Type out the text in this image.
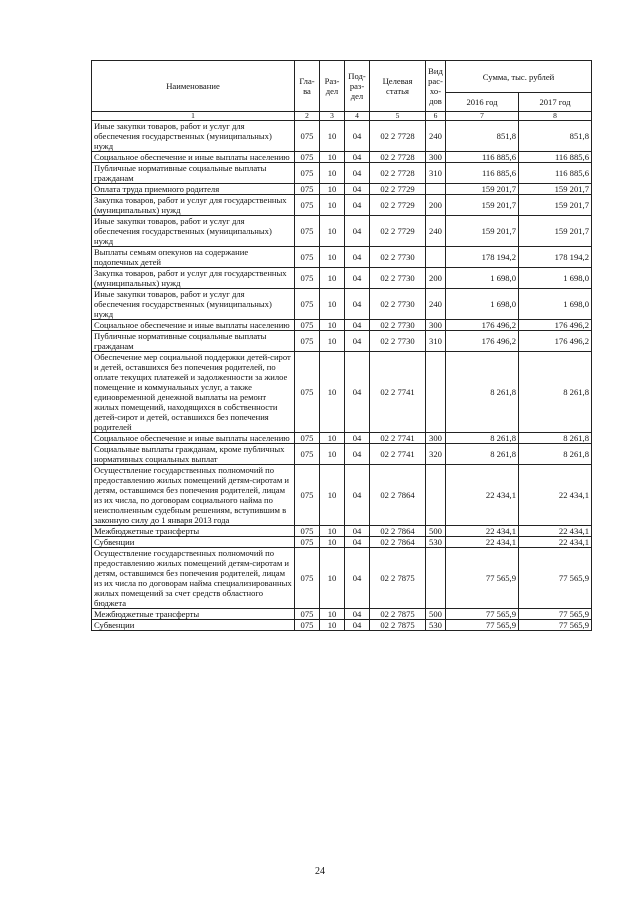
Наименование	Гла-ва	Раз-дел	Под-раз-дел	Целевая статья	Вид рас-хо-дов	Сумма, тыс. рублей	
						2016 год	2017 год
1	2	3	4	5	6	7	8
Иные закупки товаров, работ и услуг для обеспечения государственных (муниципальных) нужд	075	10	04	02 2 7728	240	851,8	851,8
Социальное обеспечение и иные выплаты населению	075	10	04	02 2 7728	300	116 885,6	116 885,6
Публичные нормативные социальные выплаты гражданам	075	10	04	02 2 7728	310	116 885,6	116 885,6
Оплата труда приемного родителя	075	10	04	02 2 7729		159 201,7	159 201,7
Закупка товаров, работ и услуг для государственных (муниципальных) нужд	075	10	04	02 2 7729	200	159 201,7	159 201,7
Иные закупки товаров, работ и услуг для обеспечения государственных (муниципальных) нужд	075	10	04	02 2 7729	240	159 201,7	159 201,7
Выплаты семьям опекунов на содержание подопечных детей	075	10	04	02 2 7730		178 194,2	178 194,2
Закупка товаров, работ и услуг для государственных (муниципальных) нужд	075	10	04	02 2 7730	200	1 698,0	1 698,0
Иные закупки товаров, работ и услуг для обеспечения государственных (муниципальных) нужд	075	10	04	02 2 7730	240	1 698,0	1 698,0
Социальное обеспечение и иные выплаты населению	075	10	04	02 2 7730	300	176 496,2	176 496,2
Публичные нормативные социальные выплаты гражданам	075	10	04	02 2 7730	310	176 496,2	176 496,2
Обеспечение мер социальной поддержки детей-сирот и детей, оставшихся без попечения родителей, по оплате текущих платежей и задолженности за жилое помещение и коммунальных услуг, а также единовременной денежной выплаты на ремонт жилых помещений, находящихся в собственности детей-сирот и детей, оставшихся без попечения родителей	075	10	04	02 2 7741		8 261,8	8 261,8
Социальное обеспечение и иные выплаты населению	075	10	04	02 2 7741	300	8 261,8	8 261,8
Социальные выплаты гражданам, кроме публичных нормативных социальных выплат	075	10	04	02 2 7741	320	8 261,8	8 261,8
Осуществление государственных полномочий по предоставлению жилых помещений детям-сиротам и детям, оставшимся без попечения родителей, лицам из их числа, по договорам социального найма по неисполненным судебным решениям, вступившим в законную силу до 1 января 2013 года	075	10	04	02 2 7864		22 434,1	22 434,1
Межбюджетные трансферты	075	10	04	02 2 7864	500	22 434,1	22 434,1
Субвенции	075	10	04	02 2 7864	530	22 434,1	22 434,1
Осуществление государственных полномочий по предоставлению жилых помещений детям-сиротам и детям, оставшимся без попечения родителей, лицам из их числа по договорам найма специализированных жилых помещений за счет средств областного бюджета	075	10	04	02 2 7875		77 565,9	77 565,9
Межбюджетные трансферты	075	10	04	02 2 7875	500	77 565,9	77 565,9
Субвенции	075	10	04	02 2 7875	530	77 565,9	77 565,9
24
